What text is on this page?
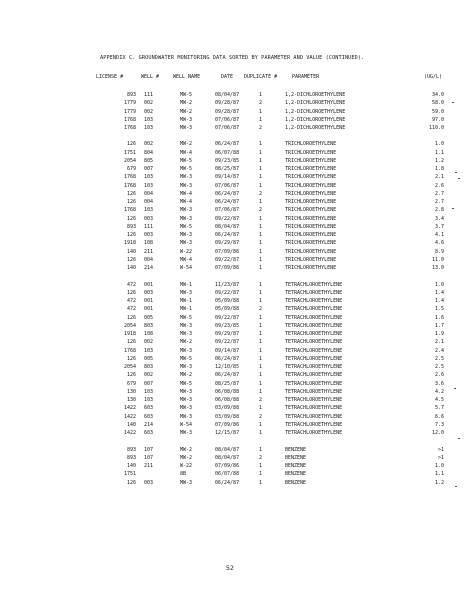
APPENDIX C. GROUNDWATER MONITORING DATA SORTED BY PARAMETER AND VALUE (CONTINUED).
LICENSE #	WELL #	WELL NAME	DATE DUPLICATE #	PARAMETER	(UG/L)
893 111	MW-5	08/04/87	1	1,2-DICHLOROETHYLENE	34.0
1779 002	MW-2	09/28/87	2	1,2-DICHLOROETHYLENE	58.0
1779 002	MW-2	09/28/87	1	1,2-DICHLOROETHYLENE	59.0
1768 103	MW-3	07/06/87	1	1,2-DICHLOROETHYLENE	97.0
1768 103	MW-3	07/06/87	2	1,2-DICHLOROETHYLENE	110.0
126 002	MW-2	06/24/87	1	TRICHLOROETHYLENE	1.0
1751 804	MW-4	06/07/88	1	TRICHLOROETHYLENE	1.1
2054 805	MW-5	09/23/85	1	TRICHLOROETHYLENE	1.2
679 007	MW-5	08/25/87	1	TRICHLOROETHYLENE	1.8
1768 103	MW-3	09/14/87	1	TRICHLOROETHYLENE	2.1
1768 103	MW-3	07/06/87	1	TRICHLOROETHYLENE	2.6
126 004	MW-4	06/24/87	2	TRICHLOROETHYLENE	2.7
126 004	MW-4	06/24/87	1	TRICHLOROETHYLENE	2.7
1768 103	MW-3	07/06/87	2	TRICHLOROETHYLENE	2.8
126 003	MW-3	09/22/87	1	TRICHLOROETHYLENE	3.4
893 111	MW-5	08/04/87	1	TRICHLOROETHYLENE	3.7
126 003	MW-3	06/24/87	1	TRICHLOROETHYLENE	4.1
1918 108	MW-3	09/29/87	1	TRICHLOROETHYLENE	4.6
140 211	W-22	07/09/86	1	TRICHLOROETHYLENE	8.9
126 004	MW-4	09/22/87	1	TRICHLOROETHYLENE	11.0
140 214	W-54	07/09/86	1	TRICHLOROETHYLENE	13.0
472 001	MW-1	11/23/87	1	TETRACHLOROETHYLENE	1.0
126 003	MW-3	09/22/87	1	TETRACHLOROETHYLENE	1.4
472 001	MW-1	05/09/88	1	TETRACHLOROETHYLENE	1.4
472 001	MW-1	05/09/88	2	TETRACHLOROETHYLENE	1.5
126 005	MW-5	09/22/87	1	TETRACHLOROETHYLENE	1.6
2054 803	MW-3	09/23/85	1	TETRACHLOROETHYLENE	1.7
1918 108	MW-3	09/29/87	1	TETRACHLOROETHYLENE	1.9
126 002	MW-2	09/22/87	1	TETRACHLOROETHYLENE	2.1
1768 103	MW-3	09/14/87	1	TETRACHLOROETHYLENE	2.4
126 005	MW-5	06/24/87	1	TETRACHLOROETHYLENE	2.5
2054 803	MW-3	12/10/85	1	TETRACHLOROETHYLENE	2.5
126 002	MW-2	06/24/87	1	TETRACHLOROETHYLENE	2.6
679 007	MW-5	08/25/87	1	TETRACHLOROETHYLENE	3.6
130 103	MW-3	06/08/88	1	TETRACHLOROETHYLENE	4.2
130 103	MW-3	06/08/88	2	TETRACHLOROETHYLENE	4.5
1422 603	MW-3	03/09/88	1	TETRACHLOROETHYLENE	5.7
1422 603	MW-3	03/09/88	2	TETRACHLOROETHYLENE	6.6
140 214	W-54	07/09/86	1	TETRACHLOROETHYLENE	7.3
1422 603	MW-3	12/15/87	1	TETRACHLOROETHYLENE	12.0
893 107	MW-2	08/04/87	1	BENZENE	>1
893 107	MW-2	08/04/87	2	BENZENE	>1
140 211	W-22	07/09/86	1	BENZENE	1.0
1751	8B	06/07/88	1	BENZENE	1.1
126 003	MW-3	06/24/87	1	BENZENE	1.2
52
